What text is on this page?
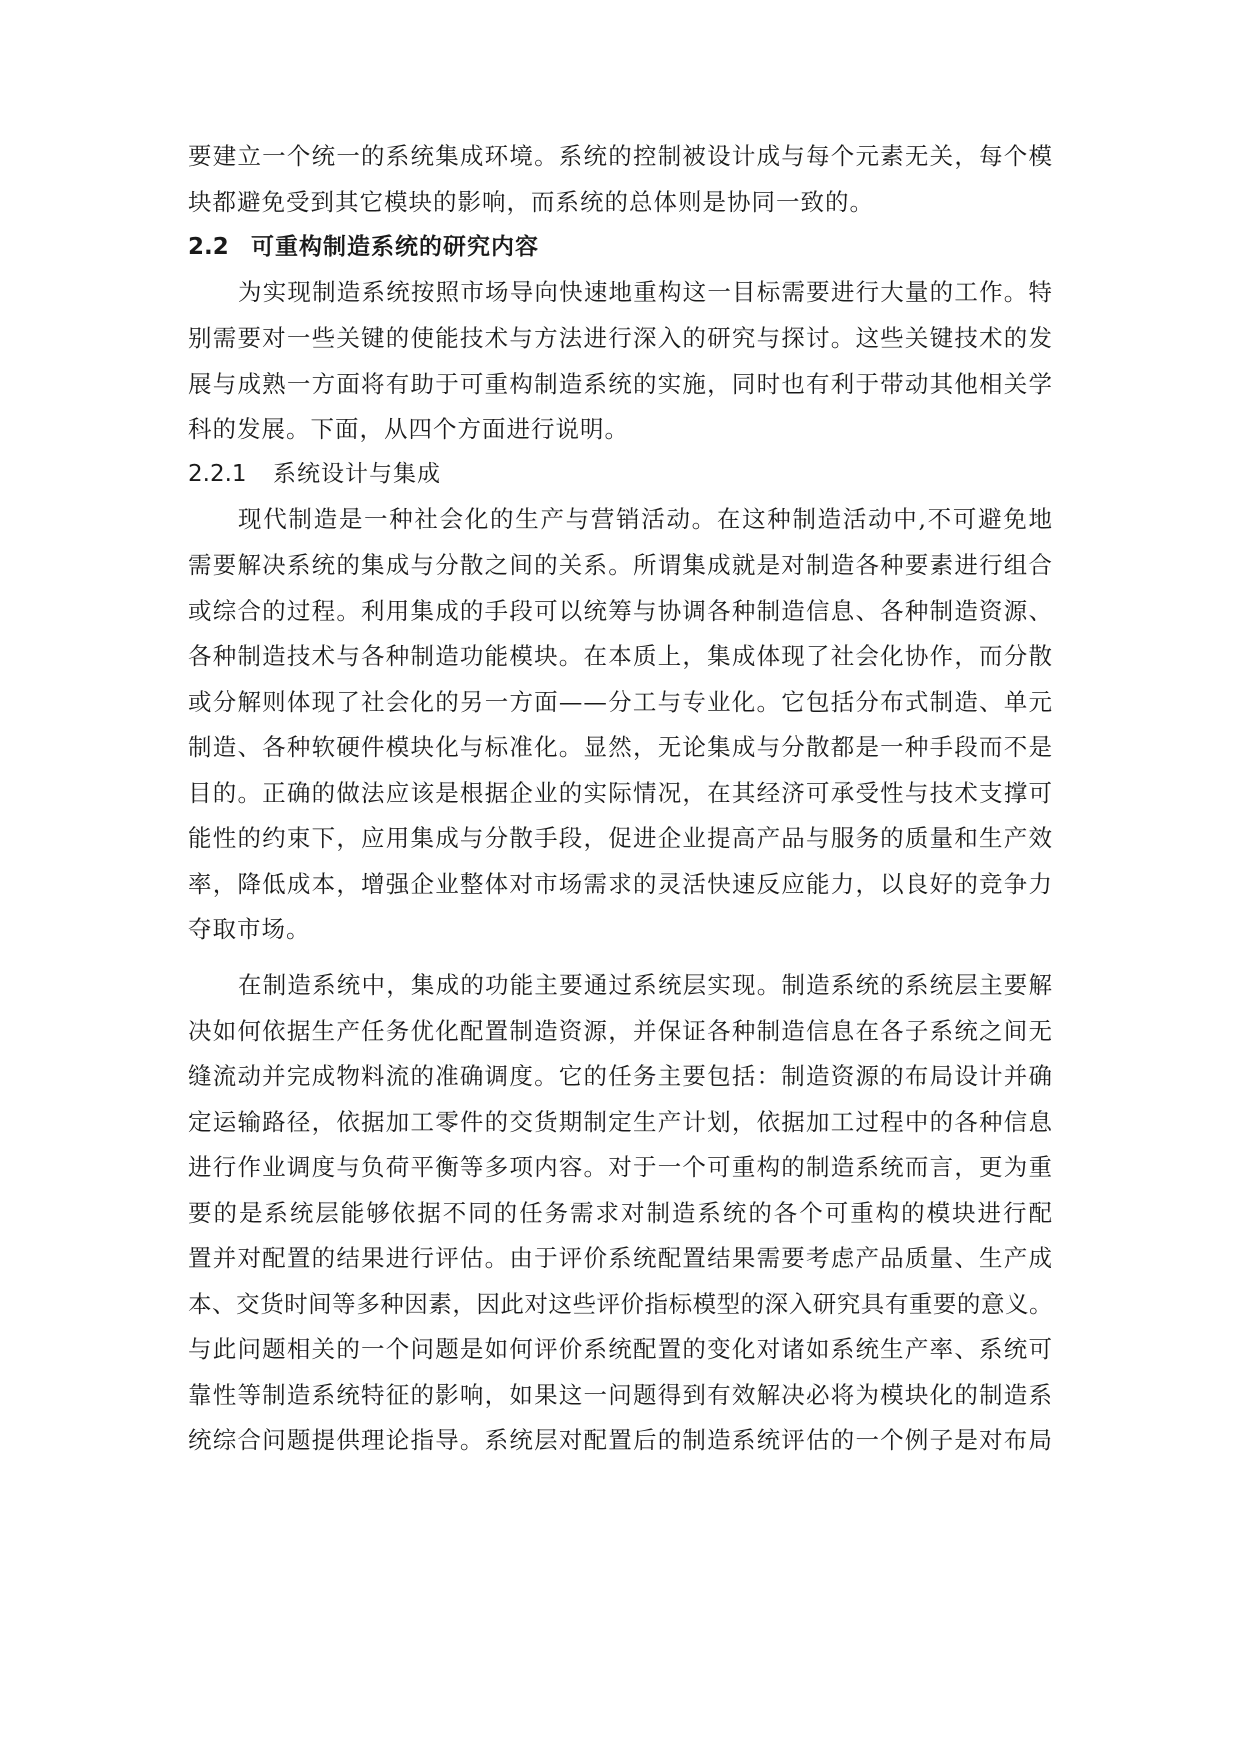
要建立一个统一的系统集成环境。系统的控制被设计成与每个元素无关，每个模
块都避免受到其它模块的影响，而系统的总体则是协同一致的。
2.2 可重构制造系统的研究内容
为实现制造系统按照市场导向快速地重构这一目标需要进行大量的工作。特
别需要对一些关键的使能技术与方法进行深入的研究与探讨。这些关键技术的发
展与成熟一方面将有助于可重构制造系统的实施，同时也有利于带动其他相关学
科的发展。下面，从四个方面进行说明。
2.2.1 系统设计与集成
现代制造是一种社会化的生产与营销活动。在这种制造活动中,不可避免地
需要解决系统的集成与分散之间的关系。所谓集成就是对制造各种要素进行组合
或综合的过程。利用集成的手段可以统筹与协调各种制造信息、各种制造资源、
各种制造技术与各种制造功能模块。在本质上，集成体现了社会化协作，而分散
或分解则体现了社会化的另一方面——分工与专业化。它包括分布式制造、单元
制造、各种软硬件模块化与标准化。显然，无论集成与分散都是一种手段而不是
目的。正确的做法应该是根据企业的实际情况，在其经济可承受性与技术支撑可
能性的约束下，应用集成与分散手段，促进企业提高产品与服务的质量和生产效
率，降低成本，增强企业整体对市场需求的灵活快速反应能力，以良好的竞争力
夺取市场。
在制造系统中，集成的功能主要通过系统层实现。制造系统的系统层主要解
决如何依据生产任务优化配置制造资源，并保证各种制造信息在各子系统之间无
缝流动并完成物料流的准确调度。它的任务主要包括：制造资源的布局设计并确
定运输路径，依据加工零件的交货期制定生产计划，依据加工过程中的各种信息
进行作业调度与负荷平衡等多项内容。对于一个可重构的制造系统而言，更为重
要的是系统层能够依据不同的任务需求对制造系统的各个可重构的模块进行配
置并对配置的结果进行评估。由于评价系统配置结果需要考虑产品质量、生产成
本、交货时间等多种因素，因此对这些评价指标模型的深入研究具有重要的意义。
与此问题相关的一个问题是如何评价系统配置的变化对诸如系统生产率、系统可
靠性等制造系统特征的影响，如果这一问题得到有效解决必将为模块化的制造系
统综合问题提供理论指导。系统层对配置后的制造系统评估的一个例子是对布局
